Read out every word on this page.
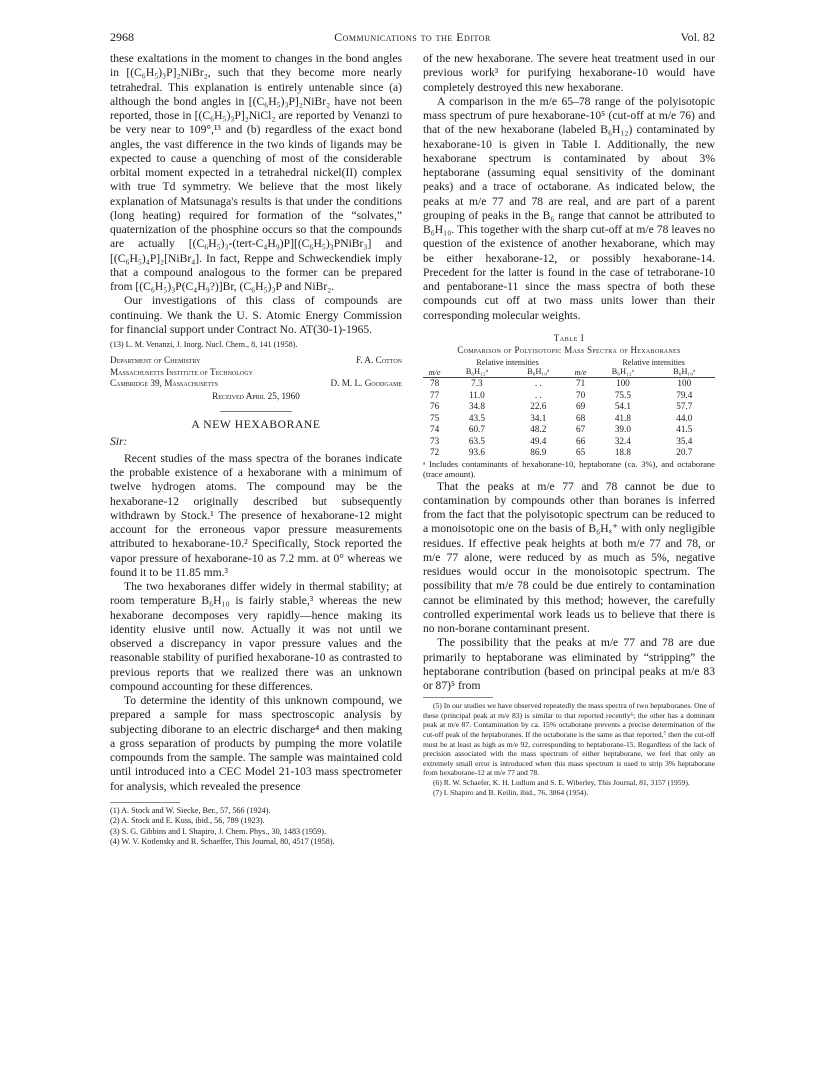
2968	Communications to the Editor	Vol. 82

these exaltations in the moment to changes in the bond angles in [(C₆H₅)₃P]₂NiBr₂, such that they become more nearly tetrahedral. This explanation is entirely untenable since (a) although the bond angles in [(C₆H₅)₃P]₂NiBr₂ have not been reported, those in [(C₆H₅)₃P]₂NiCl₂ are reported by Venanzi to be very near to 109°,¹³ and (b) regardless of the exact bond angles, the vast difference in the two kinds of ligands may be expected to cause a quenching of most of the considerable orbital moment expected in a tetrahedral nickel(II) complex with true Td symmetry. We believe that the most likely explanation of Matsunaga's results is that under the conditions (long heating) required for formation of the “solvates,” quaternization of the phosphine occurs so that the compounds are actually [(C₆H₅)₃-(tert-C₄H₉)P][(C₆H₅)₃PNiBr₃] and [(C₆H₅)₄P]₂[NiBr₄]. In fact, Reppe and Schweckendiek imply that a compound analogous to the former can be prepared from [(C₆H₅)₃P(C₄H₉?)]Br, (C₆H₅)₃P and NiBr₂.

Our investigations of this class of compounds are continuing. We thank the U. S. Atomic Energy Commission for financial support under Contract No. AT(30-1)-1965.

(13) L. M. Venanzi, J. Inorg. Nucl. Chem., 8, 141 (1958).

Department of Chemistry	F. A. Cotton
Massachusetts Institute of Technology
Cambridge 39, Massachusetts	D. M. L. Goodgame
Received April 25, 1960
A NEW HEXABORANE
Sir:

Recent studies of the mass spectra of the boranes indicate the probable existence of a hexaborane with a minimum of twelve hydrogen atoms. The compound may be the hexaborane-12 originally described but subsequently withdrawn by Stock.¹ The presence of hexaborane-12 might account for the erroneous vapor pressure measurements attributed to hexaborane-10.² Specifically, Stock reported the vapor pressure of hexaborane-10 as 7.2 mm. at 0° whereas we found it to be 11.85 mm.³

The two hexaboranes differ widely in thermal stability; at room temperature B₆H₁₀ is fairly stable,³ whereas the new hexaborane decomposes very rapidly—hence making its identity elusive until now. Actually it was not until we observed a discrepancy in vapor pressure values and the reasonable stability of purified hexaborane-10 as contrasted to previous reports that we realized there was an unknown compound accounting for these differences.

To determine the identity of this unknown compound, we prepared a sample for mass spectroscopic analysis by subjecting diborane to an electric discharge⁴ and then making a gross separation of products by pumping the more volatile compounds from the sample. The sample was maintained cold until introduced into a CEC Model 21-103 mass spectrometer for analysis, which revealed the presence

(1) A. Stock and W. Siecke, Ber., 57, 566 (1924).

(2) A. Stock and E. Kuss, ibid., 56, 789 (1923).

(3) S. G. Gibbins and I. Shapiro, J. Chem. Phys., 30, 1483 (1959).

(4) W. V. Kotlensky and R. Schaeffer, This Journal, 80, 4517 (1958).

of the new hexaborane. The severe heat treatment used in our previous work³ for purifying hexaborane-10 would have completely destroyed this new hexaborane.

A comparison in the m/e 65–78 range of the polyisotopic mass spectrum of pure hexaborane-10⁵ (cut-off at m/e 76) and that of the new hexaborane (labeled B₆H₁₂) contaminated by hexaborane-10 is given in Table I. Additionally, the new hexaborane spectrum is contaminated by about 3% heptaborane (assuming equal sensitivity of the dominant peaks) and a trace of octaborane. As indicated below, the peaks at m/e 77 and 78 are real, and are part of a parent grouping of peaks in the B₆ range that cannot be attributed to B₆H₁₀. This together with the sharp cut-off at m/e 78 leaves no question of the existence of another hexaborane, which may be either hexaborane-12, or possibly hexaborane-14. Precedent for the latter is found in the case of tetraborane-10 and pentaborane-11 since the mass spectra of both these compounds cut off at two mass units lower than their corresponding molecular weights.

Table I
Comparison of Polyisotopic Mass Spectra of Hexaboranes
m/e	Relative intensities		m/e	Relative intensities	
	B₆H₁₂ᵃ	B₆H₁₀ᵃ		B₆H₁₂ᵃ	B₆H₁₀ᵃ
78	7.3	. .	71	100	100
77	11.0	. .	70	75.5	79.4
76	34.8	22.6	69	54.1	57.7
75	43.5	34.1	68	41.8	44.0
74	60.7	48.2	67	39.0	41.5
73	63.5	49.4	66	32.4	35.4
72	93.6	86.9	65	18.8	20.7

ᵃ Includes contaminants of hexaborane-10, heptaborane (ca. 3%), and octaborane (trace amount).

That the peaks at m/e 77 and 78 cannot be due to contamination by compounds other than boranes is inferred from the fact that the polyisotopic spectrum can be reduced to a monoisotopic one on the basis of B₆Hₓ⁺ with only negligible residues. If effective peak heights at both m/e 77 and 78, or m/e 77 alone, were reduced by as much as 5%, negative residues would occur in the monoisotopic spectrum. The possibility that m/e 78 could be due entirely to contamination cannot be eliminated by this method; however, the carefully controlled experimental work leads us to believe that there is no non-borane contaminant present.

The possibility that the peaks at m/e 77 and 78 are due primarily to heptaborane was eliminated by “stripping” the heptaborane contribution (based on principal peaks at m/e 83 or 87)⁵ from

(5) In our studies we have observed repeatedly the mass spectra of two heptaboranes. One of these (principal peak at m/e 83) is similar to that reported recently⁶; the other has a dominant peak at m/e 87. Contamination by ca. 15% octaborane prevents a precise determination of the cut-off peak of the heptaboranes. If the octaborane is the same as that reported,⁷ then the cut-off must be at least as high as m/e 92, corresponding to heptaborane-15. Regardless of the lack of precision associated with the mass spectrum of either heptaborane, we feel that only an extremely small error is introduced when this mass spectrum is used to strip 3% heptaborane from hexaborane-12 at m/e 77 and 78.

(6) R. W. Schaefer, K. H. Ludlum and S. E. Wiberley, This Journal, 81, 3157 (1959).

(7) I. Shapiro and B. Keilin, ibid., 76, 3864 (1954).
